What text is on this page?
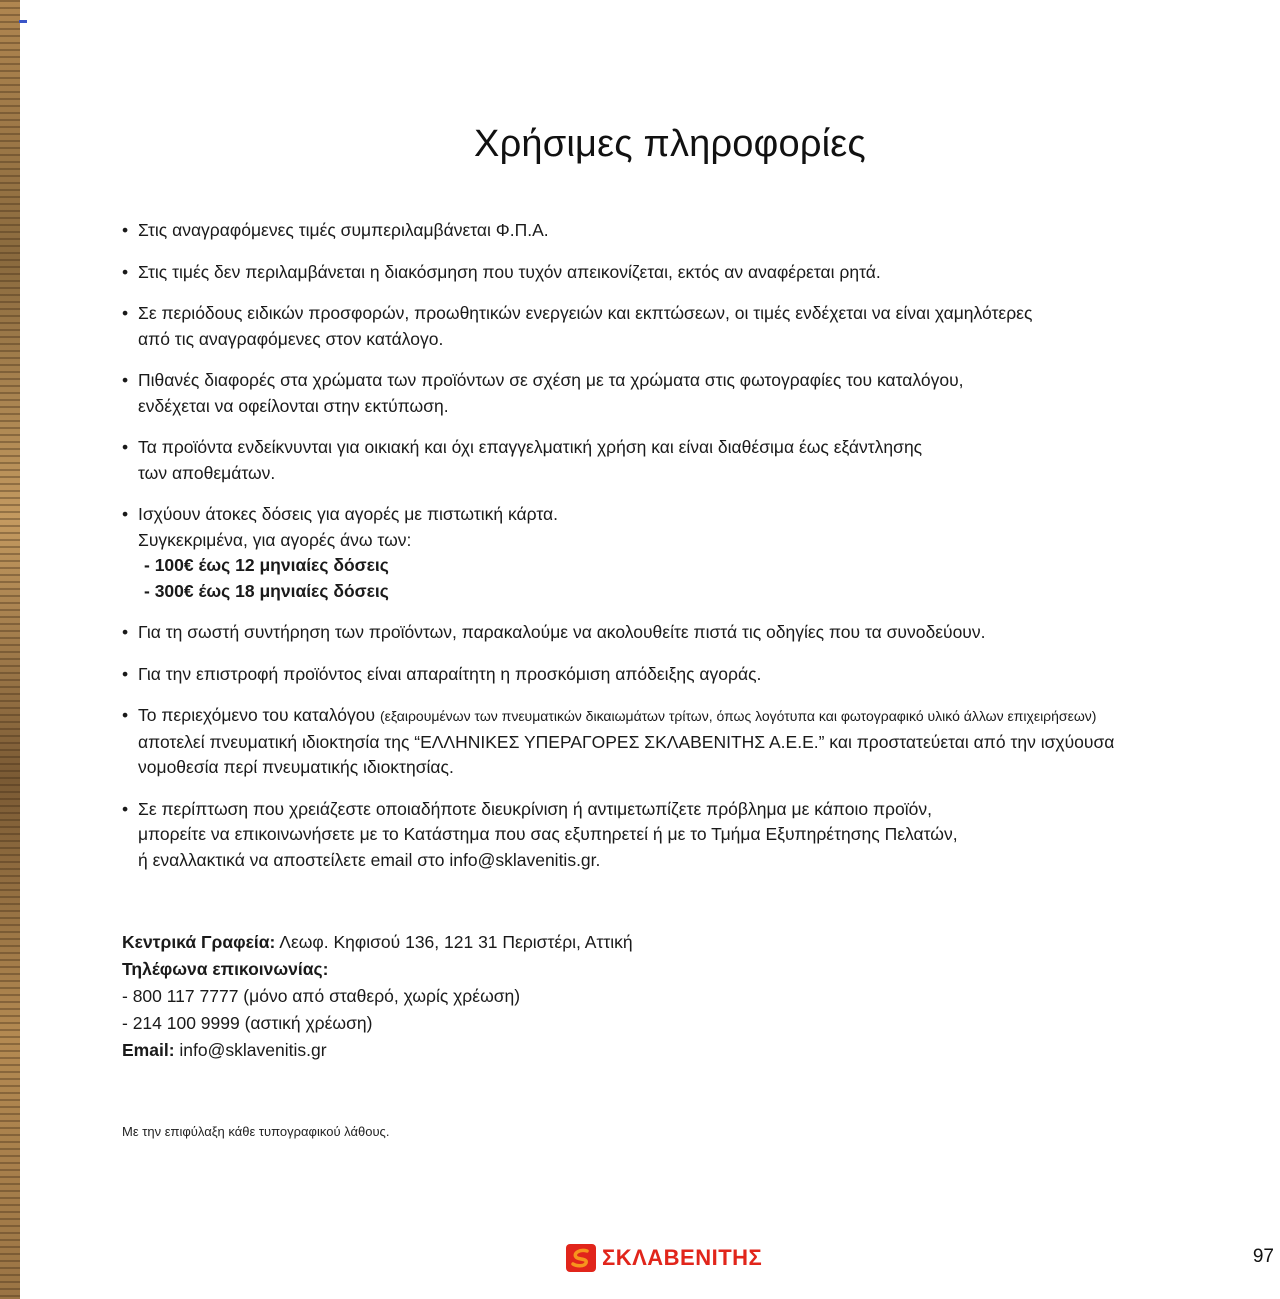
Χρήσιμες πληροφορίες
• Στις αναγραφόμενες τιμές συμπεριλαμβάνεται Φ.Π.Α.
• Στις τιμές δεν περιλαμβάνεται η διακόσμηση που τυχόν απεικονίζεται, εκτός αν αναφέρεται ρητά.
• Σε περιόδους ειδικών προσφορών, προωθητικών ενεργειών και εκπτώσεων, οι τιμές ενδέχεται να είναι χαμηλότερες
από τις αναγραφόμενες στον κατάλογο.
• Πιθανές διαφορές στα χρώματα των προϊόντων σε σχέση με τα χρώματα στις φωτογραφίες του καταλόγου,
ενδέχεται να οφείλονται στην εκτύπωση.
• Τα προϊόντα ενδείκνυνται για οικιακή και όχι επαγγελματική χρήση και είναι διαθέσιμα έως εξάντλησης
των αποθεμάτων.
• Ισχύουν άτοκες δόσεις για αγορές με πιστωτική κάρτα.
Συγκεκριμένα, για αγορές άνω των:
- 100€ έως 12 μηνιαίες δόσεις
- 300€ έως 18 μηνιαίες δόσεις
• Για τη σωστή συντήρηση των προϊόντων, παρακαλούμε να ακολουθείτε πιστά τις οδηγίες που τα συνοδεύουν.
• Για την επιστροφή προϊόντος είναι απαραίτητη η προσκόμιση απόδειξης αγοράς.
• Το περιεχόμενο του καταλόγου (εξαιρουμένων των πνευματικών δικαιωμάτων τρίτων, όπως λογότυπα και φωτογραφικό υλικό άλλων επιχειρήσεων)
αποτελεί πνευματική ιδιοκτησία της “ΕΛΛΗΝΙΚΕΣ ΥΠΕΡΑΓΟΡΕΣ ΣΚΛΑΒΕΝΙΤΗΣ Α.Ε.Ε.” και προστατεύεται από την ισχύουσα
νομοθεσία περί πνευματικής ιδιοκτησίας.
• Σε περίπτωση που χρειάζεστε οποιαδήποτε διευκρίνιση ή αντιμετωπίζετε πρόβλημα με κάποιο προϊόν,
μπορείτε να επικοινωνήσετε με το Κατάστημα που σας εξυπηρετεί ή με το Τμήμα Εξυπηρέτησης Πελατών,
ή εναλλακτικά να αποστείλετε email στο info@sklavenitis.gr.
Κεντρικά Γραφεία: Λεωφ. Κηφισού 136, 121 31 Περιστέρι, Αττική
Τηλέφωνα επικοινωνίας:
- 800 117 7777 (μόνο από σταθερό, χωρίς χρέωση)
- 214 100 9999 (αστική χρέωση)
Email: info@sklavenitis.gr
Με την επιφύλαξη κάθε τυπογραφικού λάθους.
ΣΚΛΑΒΕΝΙΤΗΣ	97
